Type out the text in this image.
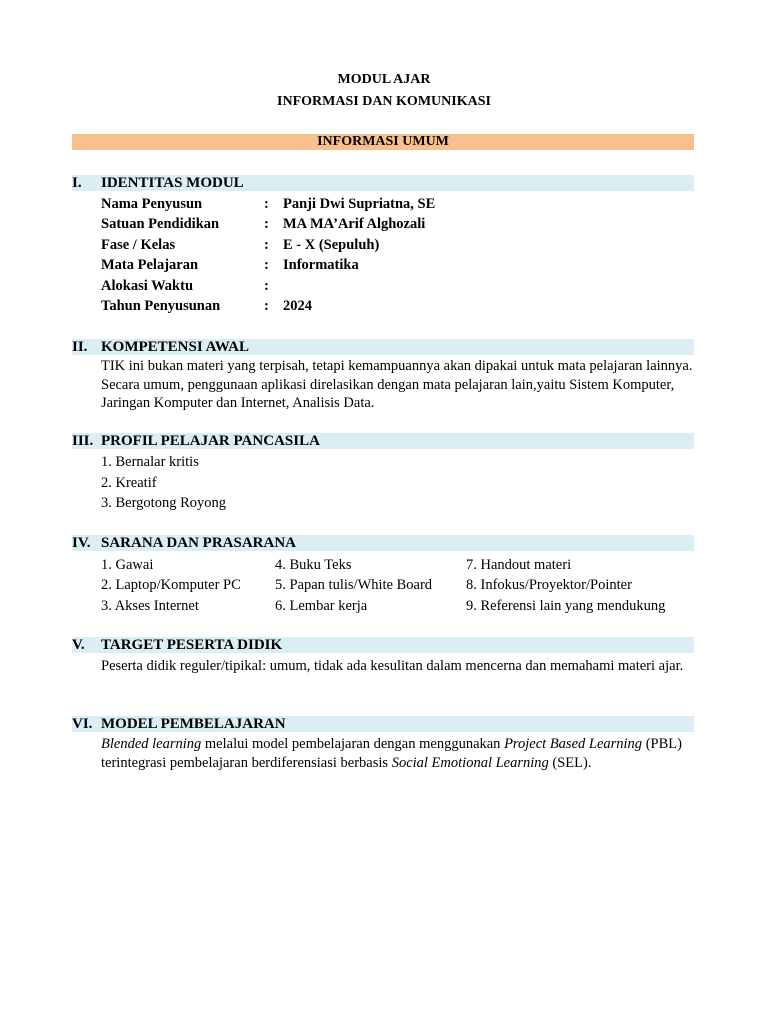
MODUL AJAR
INFORMASI DAN KOMUNIKASI
INFORMASI UMUM
I. IDENTITAS MODUL
Nama Penyusun	: Panji Dwi Supriatna, SE
Satuan Pendidikan	: MA MA’Arif Alghozali
Fase / Kelas	: E - X (Sepuluh)
Mata Pelajaran	: Informatika
Alokasi Waktu	:
Tahun Penyusunan	: 2024
II. KOMPETENSI AWAL
TIK ini bukan materi yang terpisah, tetapi kemampuannya akan dipakai untuk mata pelajaran lainnya. Secara umum, penggunaan aplikasi direlasikan dengan mata pelajaran lain,yaitu Sistem Komputer, Jaringan Komputer dan Internet, Analisis Data.
III. PROFIL PELAJAR PANCASILA
1. Bernalar kritis
2. Kreatif
3. Bergotong Royong
IV. SARANA DAN PRASARANA
1. Gawai
2. Laptop/Komputer PC
3. Akses Internet
4. Buku Teks
5. Papan tulis/White Board
6. Lembar kerja
7. Handout materi
8. Infokus/Proyektor/Pointer
9. Referensi lain yang mendukung
V. TARGET PESERTA DIDIK
Peserta didik reguler/tipikal: umum, tidak ada kesulitan dalam mencerna dan memahami materi ajar.
VI. MODEL PEMBELAJARAN
Blended learning melalui model pembelajaran dengan menggunakan Project Based Learning (PBL) terintegrasi pembelajaran berdiferensiasi berbasis Social Emotional Learning (SEL).
